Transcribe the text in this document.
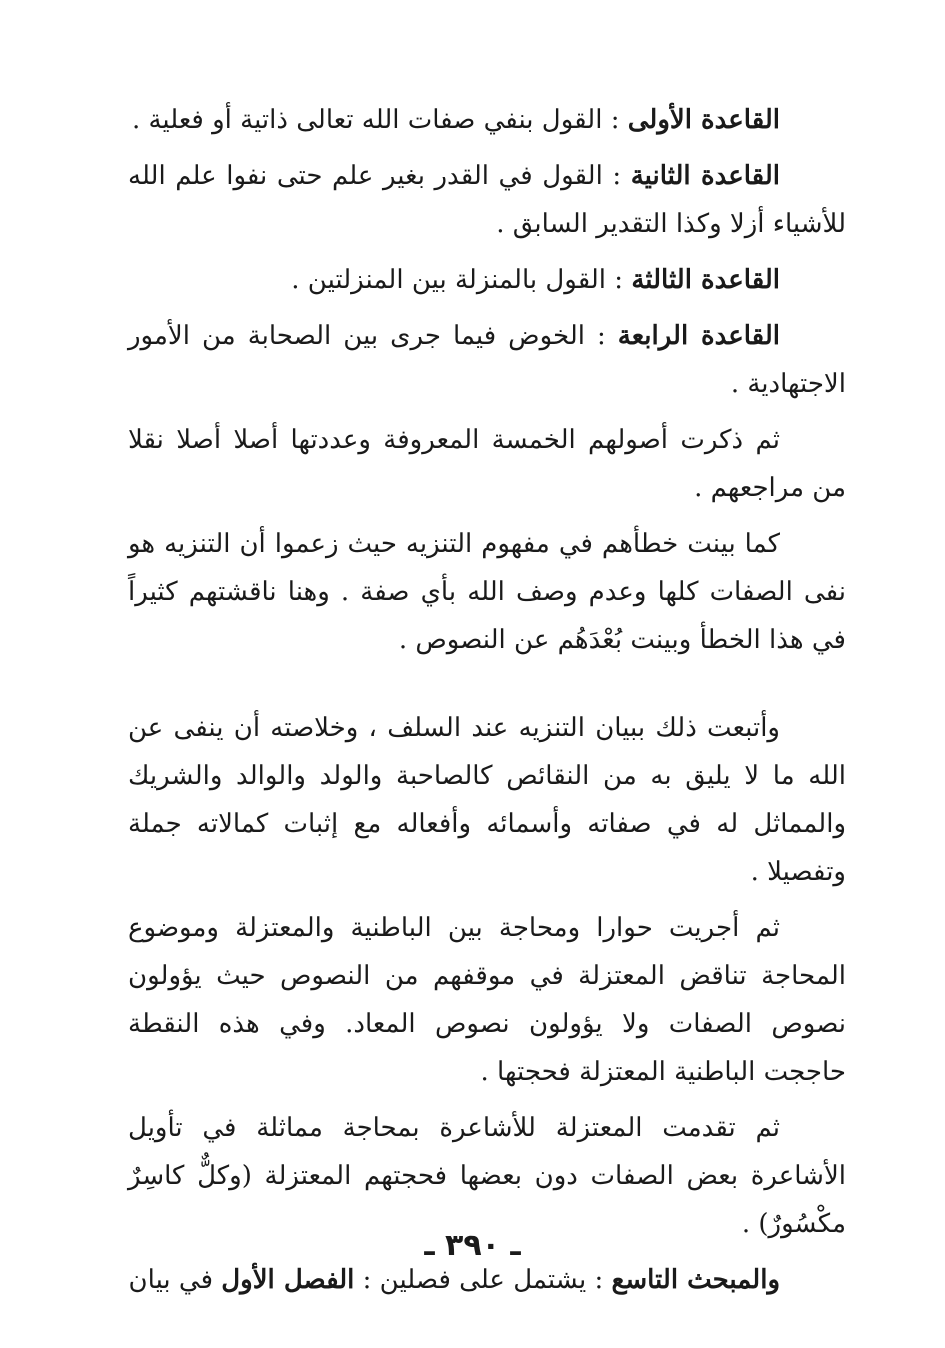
القاعدة الأولى : القول بنفي صفات الله تعالى ذاتية أو فعلية .

القاعدة الثانية : القول في القدر بغير علم حتى نفوا علم الله للأشياء أزلا وكذا التقدير السابق .

القاعدة الثالثة : القول بالمنزلة بين المنزلتين .

القاعدة الرابعة : الخوض فيما جرى بين الصحابة من الأمور الاجتهادية .

ثم ذكرت أصولهم الخمسة المعروفة وعددتها أصلا أصلا نقلا من مراجعهم .

كما بينت خطأهم في مفهوم التنزيه حيث زعموا أن التنزيه هو نفى الصفات كلها وعدم وصف الله بأي صفة . وهنا ناقشتهم كثيراً في هذا الخطأ وبينت بُعْدَهُم عن النصوص .

وأتبعت ذلك ببيان التنزيه عند السلف ، وخلاصته أن ينفى عن الله ما لا يليق به من النقائص كالصاحبة والولد والوالد والشريك والمماثل له في صفاته وأسمائه وأفعاله مع إثبات كمالاته جملة وتفصيلا .

ثم أجريت حوارا ومحاجة بين الباطنية والمعتزلة وموضوع المحاجة تناقض المعتزلة في موقفهم من النصوص حيث يؤولون نصوص الصفات ولا يؤولون نصوص المعاد. وفي هذه النقطة حاججت الباطنية المعتزلة فحجتها .

ثم تقدمت المعتزلة للأشاعرة بمحاجة مماثلة في تأويل الأشاعرة بعض الصفات دون بعضها فحجتهم المعتزلة (وكلٌّ كاسِرٌ مكْسُورٌ) .

والمبحث التاسع : يشتمل على فصلين : الفصل الأول في بيان

ـ ٣٩٠ ـ
